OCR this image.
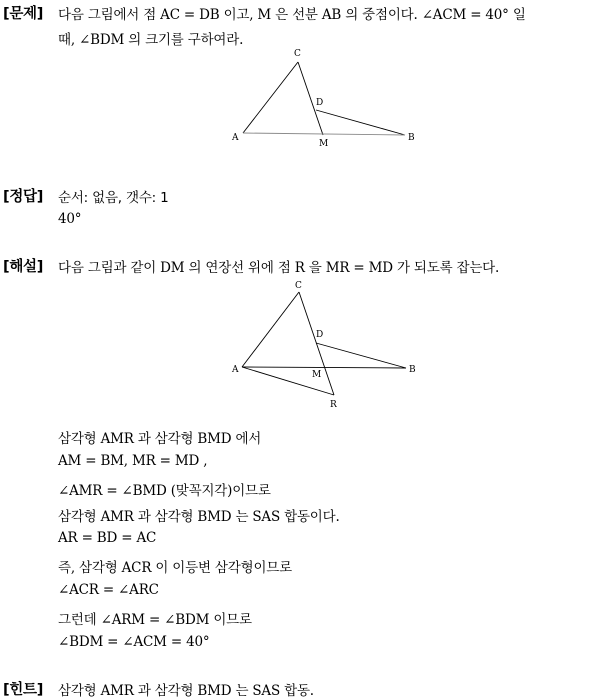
[문제] 다음 그림에서 점 AC = DB 이고, M 은 선분 AB 의 중점이다. ∠ACM = 40° 일
때, ∠BDM 의 크기를 구하여라.
C
D
A
M
B
[정답] 순서: 없음, 갯수: 1
40°
[해설] 다음 그림과 같이 DM 의 연장선 위에 점 R 을 MR = MD 가 되도록 잡는다.
C
D
A	M	B
R
삼각형 AMR 과 삼각형 BMD 에서
AM = BM, MR = MD ,
∠AMR = ∠BMD (맞꼭지각)이므로
삼각형 AMR 과 삼각형 BMD 는 SAS 합동이다.
AR = BD = AC
즉, 삼각형 ACR 이 이등변 삼각형이므로
∠ACR = ∠ARC
그런데 ∠ARM = ∠BDM 이므로
∠BDM = ∠ACM = 40°
[힌트] 삼각형 AMR 과 삼각형 BMD 는 SAS 합동.
